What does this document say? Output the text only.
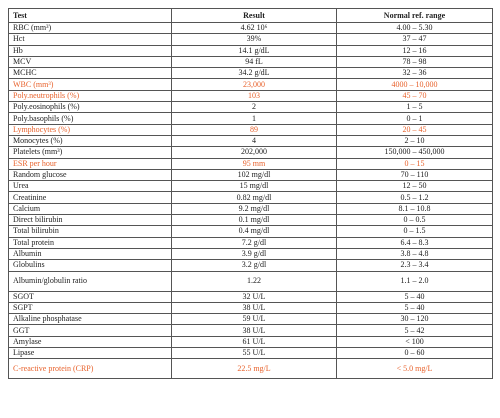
Test	Result	Normal ref. range
RBC (mm³)	4.62 10⁶	4.00 – 5.30
Hct	39%	37 – 47
Hb	14.1 g/dL	12 – 16
MCV	94 fL	78 – 98
MCHC	34.2 g/dL	32 – 36
WBC (mm³)	23,000	4000 – 10,000
Poly.neutrophils (%)	103	45 – 70
Poly.eosinophils (%)	2	1 – 5
Poly.basophils (%)	1	0 – 1
Lymphocytes (%)	89	20 – 45
Monocytes (%)	4	2 – 10
Platelets (mm³)	202,000	150,000 – 450,000
ESR per hour	95 mm	0 – 15
Random glucose	102 mg/dl	70 – 110
Urea	15 mg/dl	12 – 50
Creatinine	0.82 mg/dl	0.5 – 1.2
Calcium	9.2 mg/dl	8.1 – 10.8
Direct bilirubin	0.1 mg/dl	0 – 0.5
Total bilirubin	0.4 mg/dl	0 – 1.5
Total protein	7.2 g/dl	6.4 – 8.3
Albumin	3.9 g/dl	3.8 – 4.8
Globulins	3.2 g/dl	2.3 – 3.4
Albumin/globulin ratio	1.22	1.1 – 2.0
SGOT	32 U/L	5 – 40
SGPT	38 U/L	5 – 40
Alkaline phosphatase	59 U/L	30 – 120
GGT	38 U/L	5 – 42
Amylase	61 U/L	< 100
Lipase	55 U/L	0 – 60
C-reactive protein (CRP)	22.5 mg/L	< 5.0 mg/L
